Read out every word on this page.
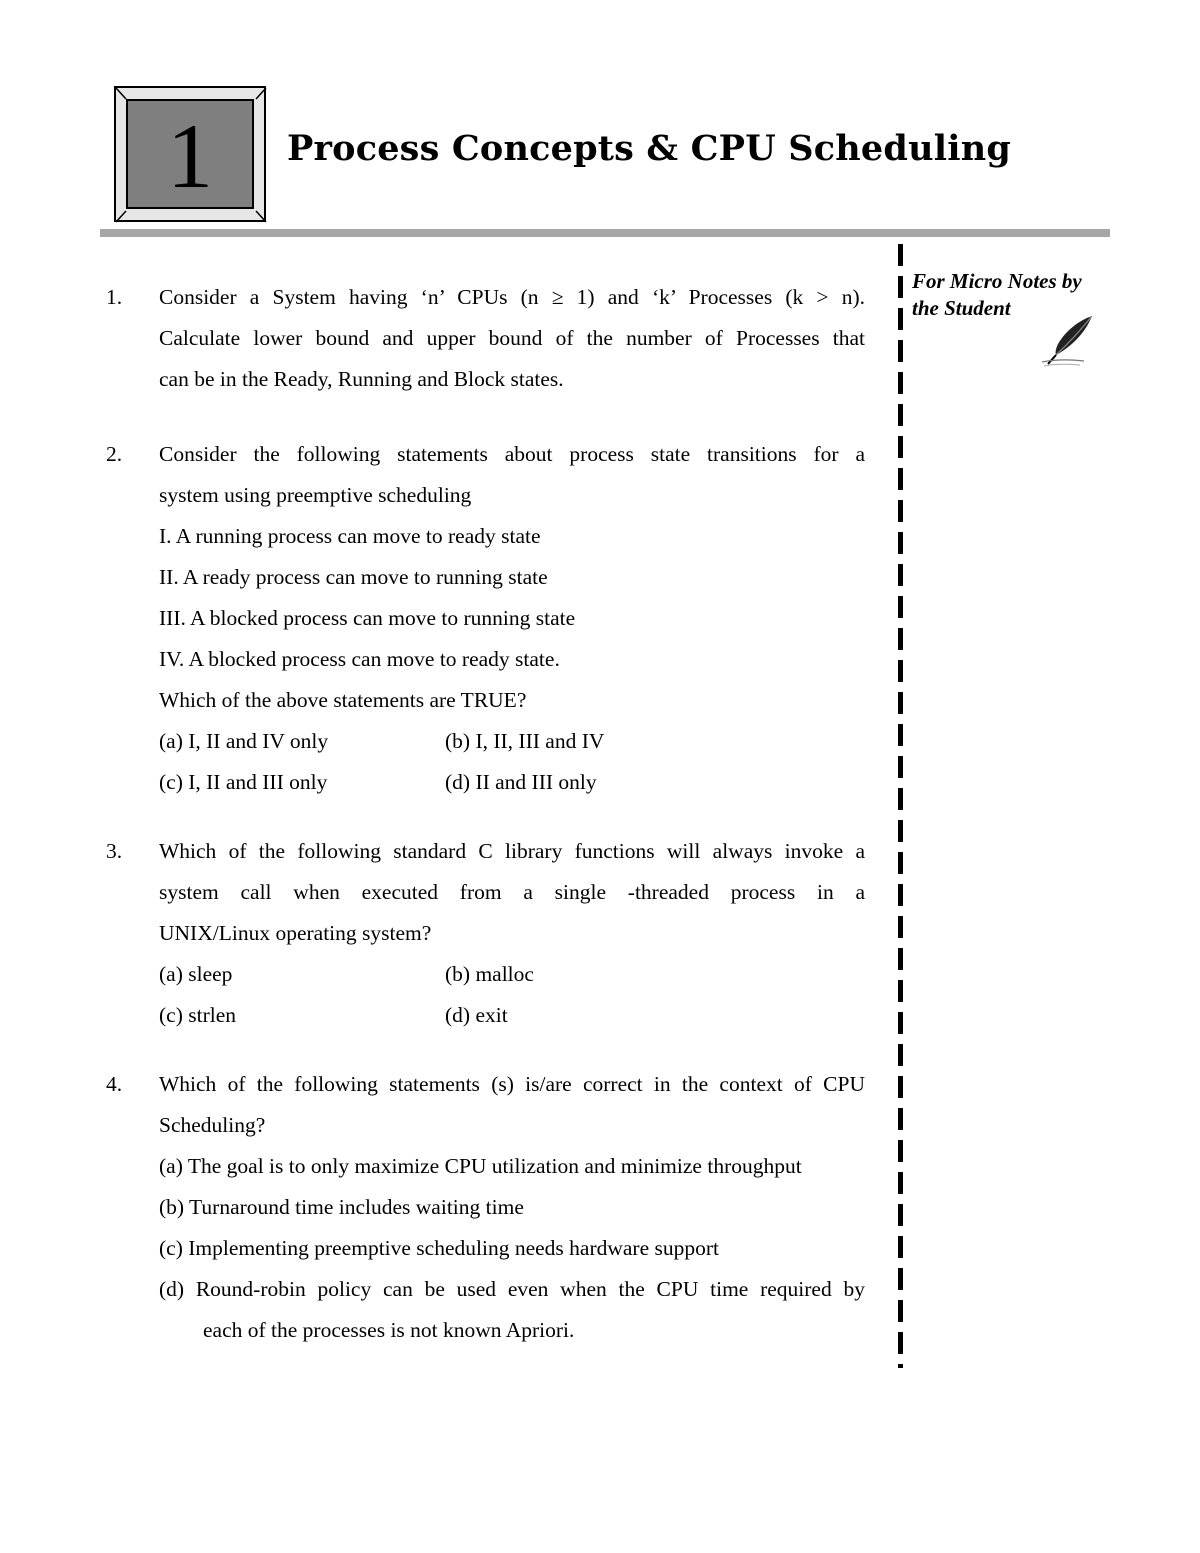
1 Process Concepts & CPU Scheduling
For Micro Notes by
the Student
1. Consider a System having ‘n’ CPUs (n ≥ 1) and ‘k’ Processes (k > n).
Calculate lower bound and upper bound of the number of Processes that
can be in the Ready, Running and Block states.
2. Consider the following statements about process state transitions for a
system using preemptive scheduling
I. A running process can move to ready state
II. A ready process can move to running state
III. A blocked process can move to running state
IV. A blocked process can move to ready state.
Which of the above statements are TRUE?
(a) I, II and IV only	(b) I, II, III and IV
(c) I, II and III only	(d) II and III only
3. Which of the following standard C library functions will always invoke a
system call when executed from a single -threaded process in a
UNIX/Linux operating system?
(a) sleep	(b) malloc
(c) strlen	(d) exit
4. Which of the following statements (s) is/are correct in the context of CPU
Scheduling?
(a) The goal is to only maximize CPU utilization and minimize throughput
(b) Turnaround time includes waiting time
(c) Implementing preemptive scheduling needs hardware support
(d) Round-robin policy can be used even when the CPU time required by
each of the processes is not known Apriori.
